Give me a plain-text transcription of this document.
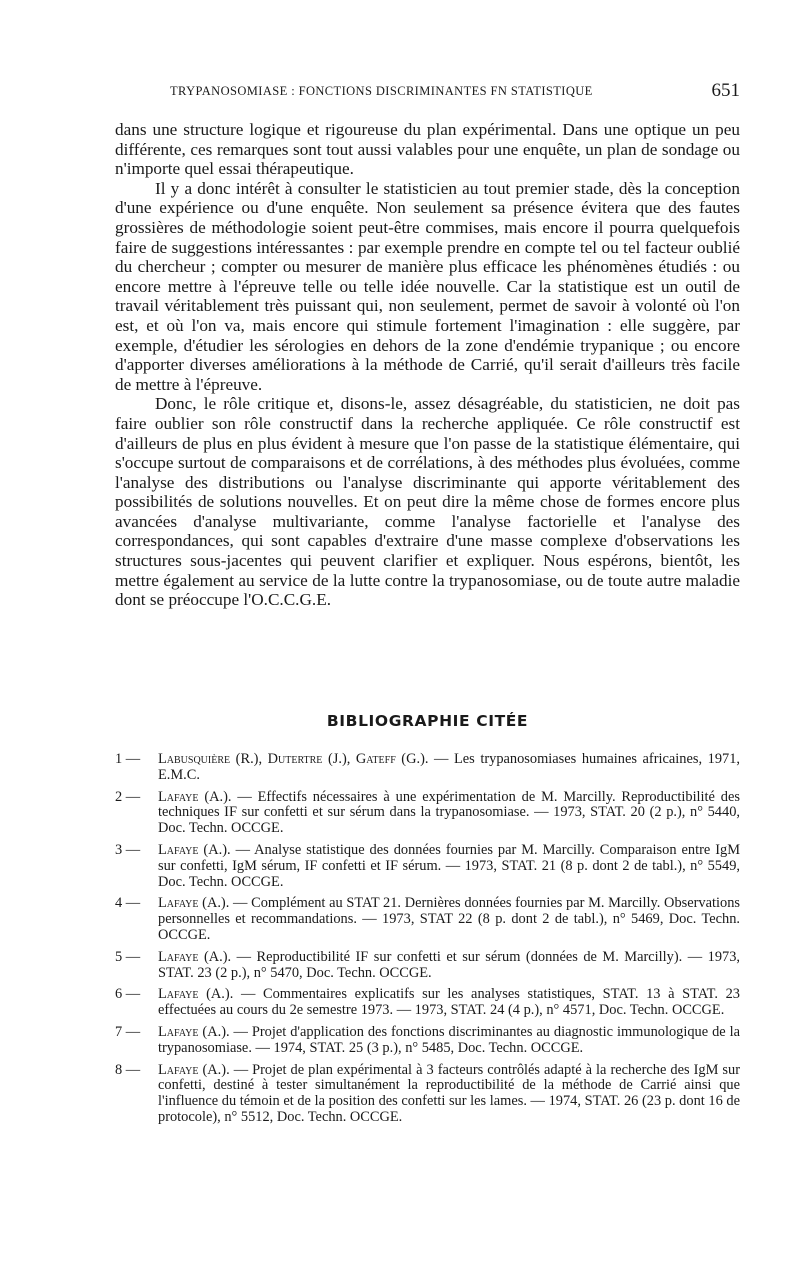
TRYPANOSOMIASE : FONCTIONS DISCRIMINANTES FN STATISTIQUE	651

dans une structure logique et rigoureuse du plan expérimental. Dans une optique un peu différente, ces remarques sont tout aussi valables pour une enquête, un plan de sondage ou n'importe quel essai thérapeutique.

Il y a donc intérêt à consulter le statisticien au tout premier stade, dès la conception d'une expérience ou d'une enquête. Non seulement sa présence évitera que des fautes grossières de méthodologie soient peut-être commises, mais encore il pourra quelquefois faire de suggestions intéressantes : par exemple prendre en compte tel ou tel facteur oublié du chercheur ; compter ou mesurer de manière plus efficace les phénomènes étudiés : ou encore mettre à l'épreuve telle ou telle idée nouvelle. Car la statistique est un outil de travail véritablement très puissant qui, non seulement, permet de savoir à volonté où l'on est, et où l'on va, mais encore qui stimule fortement l'imagination : elle suggère, par exemple, d'étudier les sérologies en dehors de la zone d'endémie trypanique ; ou encore d'apporter diverses améliorations à la méthode de Carrié, qu'il serait d'ailleurs très facile de mettre à l'épreuve.

Donc, le rôle critique et, disons-le, assez désagréable, du statisticien, ne doit pas faire oublier son rôle constructif dans la recherche appliquée. Ce rôle constructif est d'ailleurs de plus en plus évident à mesure que l'on passe de la statistique élémentaire, qui s'occupe surtout de comparaisons et de corrélations, à des méthodes plus évoluées, comme l'analyse des distributions ou l'analyse discriminante qui apporte véritablement des possibilités de solutions nouvelles. Et on peut dire la même chose de formes encore plus avancées d'analyse multivariante, comme l'analyse factorielle et l'analyse des correspondances, qui sont capables d'extraire d'une masse complexe d'observations les structures sous-jacentes qui peuvent clarifier et expliquer. Nous espérons, bientôt, les mettre également au service de la lutte contre la trypanosomiase, ou de toute autre maladie dont se préoccupe l'O.C.C.G.E.

BIBLIOGRAPHIE CITÉE
1 —	Labusquière (R.), Dutertre (J.), Gateff (G.). — Les trypanosomiases humaines africaines, 1971, E.M.C.
2 —	Lafaye (A.). — Effectifs nécessaires à une expérimentation de M. Marcilly. Reproductibilité des techniques IF sur confetti et sur sérum dans la trypanosomiase. — 1973, STAT. 20 (2 p.), n° 5440, Doc. Techn. OCCGE.
3 —	Lafaye (A.). — Analyse statistique des données fournies par M. Marcilly. Comparaison entre IgM sur confetti, IgM sérum, IF confetti et IF sérum. — 1973, STAT. 21 (8 p. dont 2 de tabl.), n° 5549, Doc. Techn. OCCGE.
4 —	Lafaye (A.). — Complément au STAT 21. Dernières données fournies par M. Marcilly. Observations personnelles et recommandations. — 1973, STAT 22 (8 p. dont 2 de tabl.), n° 5469, Doc. Techn. OCCGE.
5 —	Lafaye (A.). — Reproductibilité IF sur confetti et sur sérum (données de M. Marcilly). — 1973, STAT. 23 (2 p.), n° 5470, Doc. Techn. OCCGE.
6 —	Lafaye (A.). — Commentaires explicatifs sur les analyses statistiques, STAT. 13 à STAT. 23 effectuées au cours du 2e semestre 1973. — 1973, STAT. 24 (4 p.), n° 4571, Doc. Techn. OCCGE.
7 —	Lafaye (A.). — Projet d'application des fonctions discriminantes au diagnostic immunologique de la trypanosomiase. — 1974, STAT. 25 (3 p.), n° 5485, Doc. Techn. OCCGE.
8 —	Lafaye (A.). — Projet de plan expérimental à 3 facteurs contrôlés adapté à la recherche des IgM sur confetti, destiné à tester simultanément la reproductibilité de la méthode de Carrié ainsi que l'influence du témoin et de la position des confetti sur les lames. — 1974, STAT. 26 (23 p. dont 16 de protocole), n° 5512, Doc. Techn. OCCGE.
